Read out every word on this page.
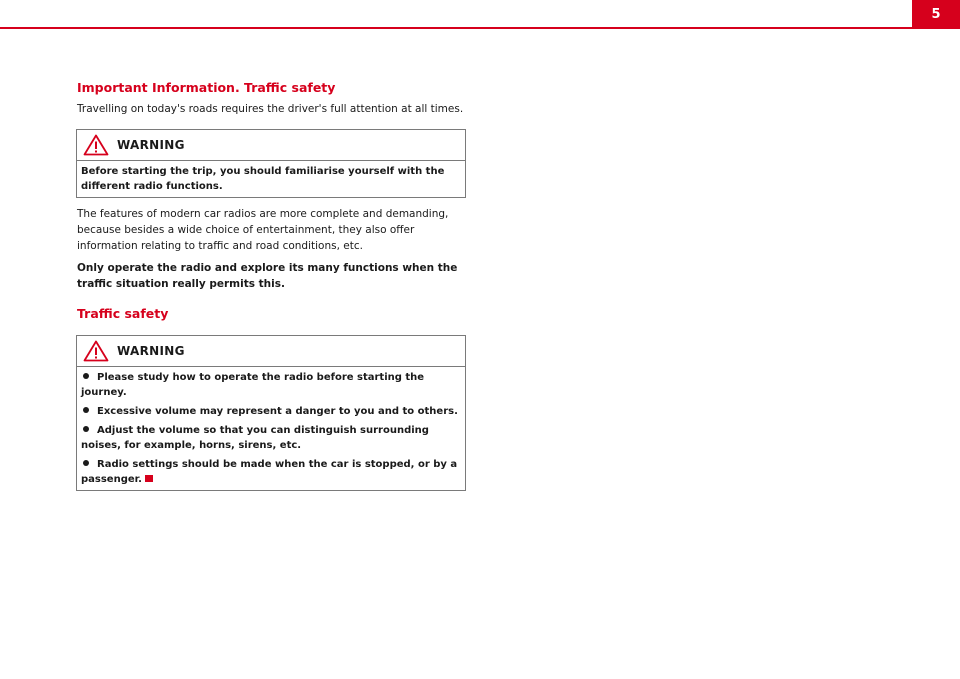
5
Important Information. Traffic safety

Travelling on today's roads requires the driver's full attention at all times.

WARNING
Before starting the trip, you should familiarise yourself with the different radio functions.

The features of modern car radios are more complete and demanding, because besides a wide choice of entertainment, they also offer information relating to traffic and road conditions, etc.

Only operate the radio and explore its many functions when the traffic situation really permits this.

Traffic safety
WARNING
Please study how to operate the radio before starting the journey.
Excessive volume may represent a danger to you and to others.
Adjust the volume so that you can distinguish surrounding noises, for example, horns, sirens, etc.
Radio settings should be made when the car is stopped, or by a passenger.
